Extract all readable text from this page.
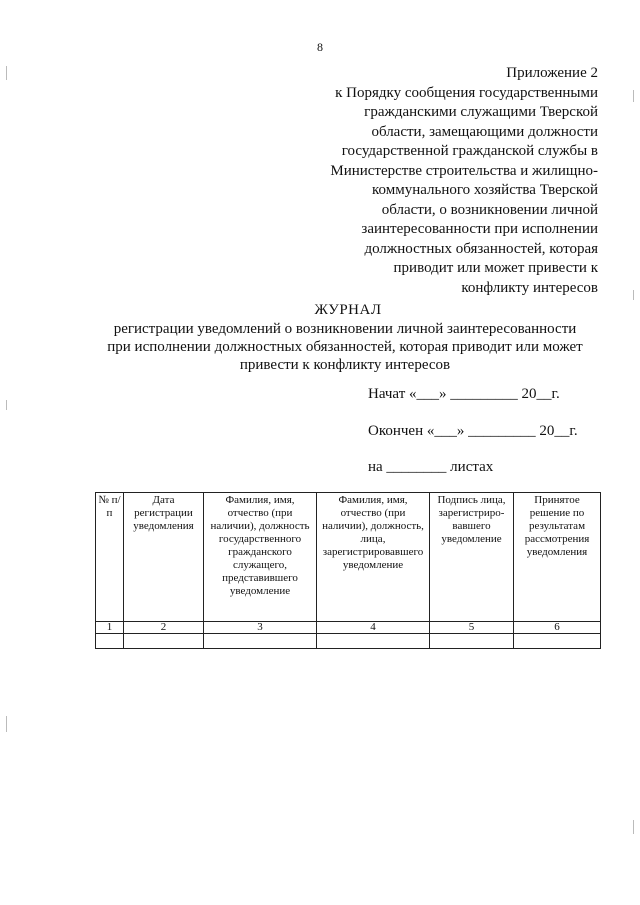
8
Приложение 2
к Порядку сообщения государственными
гражданскими служащими Тверской
области, замещающими должности
государственной гражданской службы в
Министерстве строительства и жилищно-
коммунального хозяйства Тверской
области, о возникновении личной
заинтересованности при исполнении
должностных обязанностей, которая
приводит или может привести к
конфликту интересов
ЖУРНАЛ
регистрации уведомлений о возникновении личной заинтересованности
при исполнении должностных обязанностей, которая приводит или может
привести к конфликту интересов
Начат «___» _________ 20__г.
Окончен «___» _________ 20__г.
на ________ листах
№ п/п	Дата регистрации уведомления	Фамилия, имя, отчество (при наличии), должность государственного гражданского служащего, представившего уведомление	Фамилия, имя, отчество (при наличии), должность, лица, зарегистрировавшего уведомление	Подпись лица, зарегистриро-вавшего уведомление	Принятое решение по результатам рассмотрения уведомления
1	2	3	4	5	6
